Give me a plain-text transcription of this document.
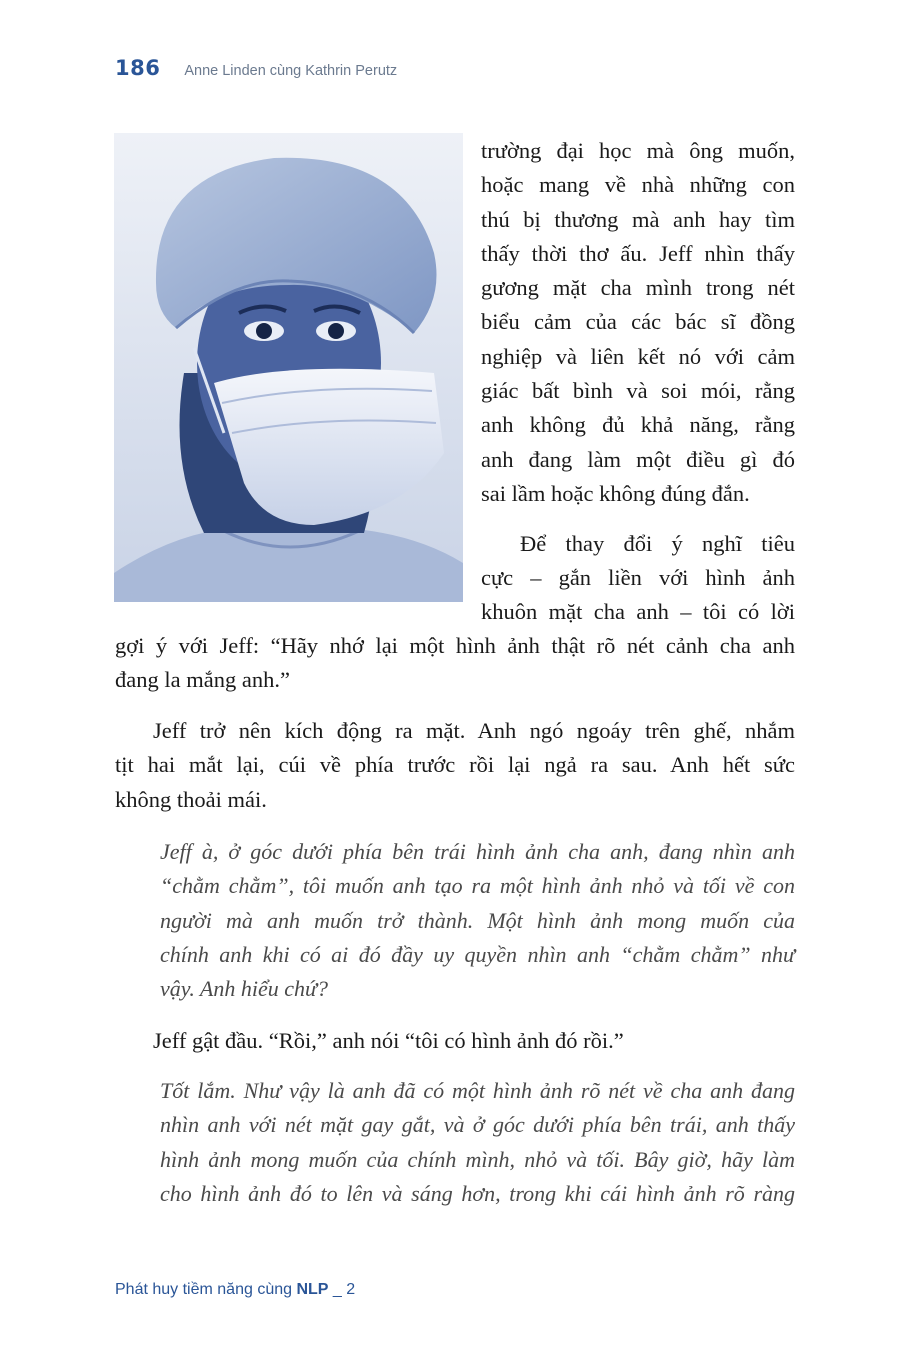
186 Anne Linden cùng Kathrin Perutz
trường đại học mà ông muốn,
hoặc mang về nhà những con
thú bị thương mà anh hay tìm
thấy thời thơ ấu. Jeff nhìn thấy
gương mặt cha mình trong nét
biểu cảm của các bác sĩ đồng
nghiệp và liên kết nó với cảm
giác bất bình và soi mói, rằng
anh không đủ khả năng, rằng
anh đang làm một điều gì đó
sai lầm hoặc không đúng đắn.
Để thay đổi ý nghĩ tiêu
cực – gắn liền với hình ảnh
khuôn mặt cha anh – tôi có lời
gợi ý với Jeff: “Hãy nhớ lại một hình ảnh thật rõ nét cảnh cha anh
đang la mắng anh.”
Jeff trở nên kích động ra mặt. Anh ngó ngoáy trên ghế, nhắm
tịt hai mắt lại, cúi về phía trước rồi lại ngả ra sau. Anh hết sức
không thoải mái.
Jeff à, ở góc dưới phía bên trái hình ảnh cha anh, đang nhìn anh
“chằm chằm”, tôi muốn anh tạo ra một hình ảnh nhỏ và tối về con
người mà anh muốn trở thành. Một hình ảnh mong muốn của
chính anh khi có ai đó đầy uy quyền nhìn anh “chằm chằm” như
vậy. Anh hiểu chứ?
Jeff gật đầu. “Rồi,” anh nói “tôi có hình ảnh đó rồi.”
Tốt lắm. Như vậy là anh đã có một hình ảnh rõ nét về cha anh đang
nhìn anh với nét mặt gay gắt, và ở góc dưới phía bên trái, anh thấy
hình ảnh mong muốn của chính mình, nhỏ và tối. Bây giờ, hãy làm
cho hình ảnh đó to lên và sáng hơn, trong khi cái hình ảnh rõ ràng
Phát huy tiềm năng cùng NLP _ 2
